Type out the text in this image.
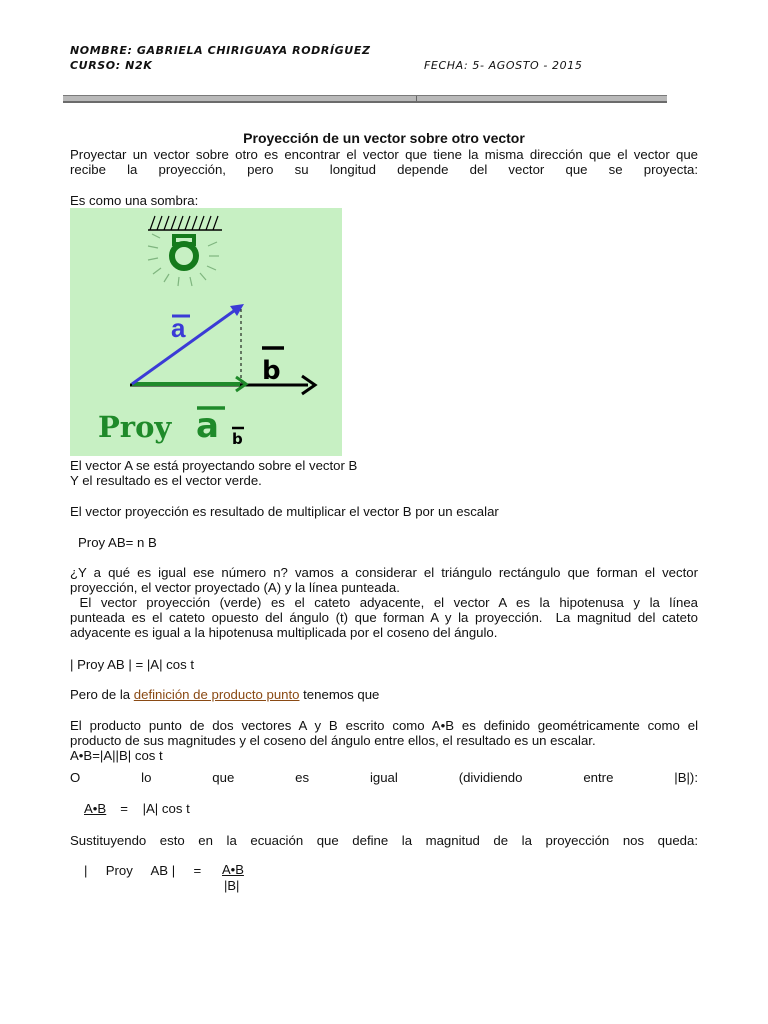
NOMBRE: GABRIELA CHIRIGUAYA RODRÍGUEZ
CURSO: N2K	FECHA: 5- AGOSTO - 2015
Proyección de un vector sobre otro vector
Proyectar un vector sobre otro es encontrar el vector que tiene la misma dirección que el vector que
recibe la proyección, pero su longitud depende del vector que se proyecta:
Es como una sombra:
a
b
Proy a b
El vector A se está proyectando sobre el vector B
Y el resultado es el vector verde.
El vector proyección es resultado de multiplicar el vector B por un escalar
Proy AB= n B
¿Y a qué es igual ese número n? vamos a considerar el triángulo rectángulo que forman el vector
proyección, el vector proyectado (A) y la línea punteada.
El vector proyección (verde) es el cateto adyacente, el vector A es la hipotenusa y la línea
punteada es el cateto opuesto del ángulo (t) que forman A y la proyección.  La magnitud del cateto
adyacente es igual a la hipotenusa multiplicada por el coseno del ángulo.
| Proy AB | = |A| cos t
Pero de la definición de producto punto tenemos que
El producto punto de dos vectores A y B escrito como A•B es definido geométricamente como el
producto de sus magnitudes y el coseno del ángulo entre ellos, el resultado es un escalar.
A•B=|A||B| cos t
O lo que es igual (dividiendo entre |B|):
A•B =    |A| cos t
Sustituyendo esto en la ecuación que define la magnitud de la proyección nos queda:
|     Proy     AB |     =	A•B
|B|
